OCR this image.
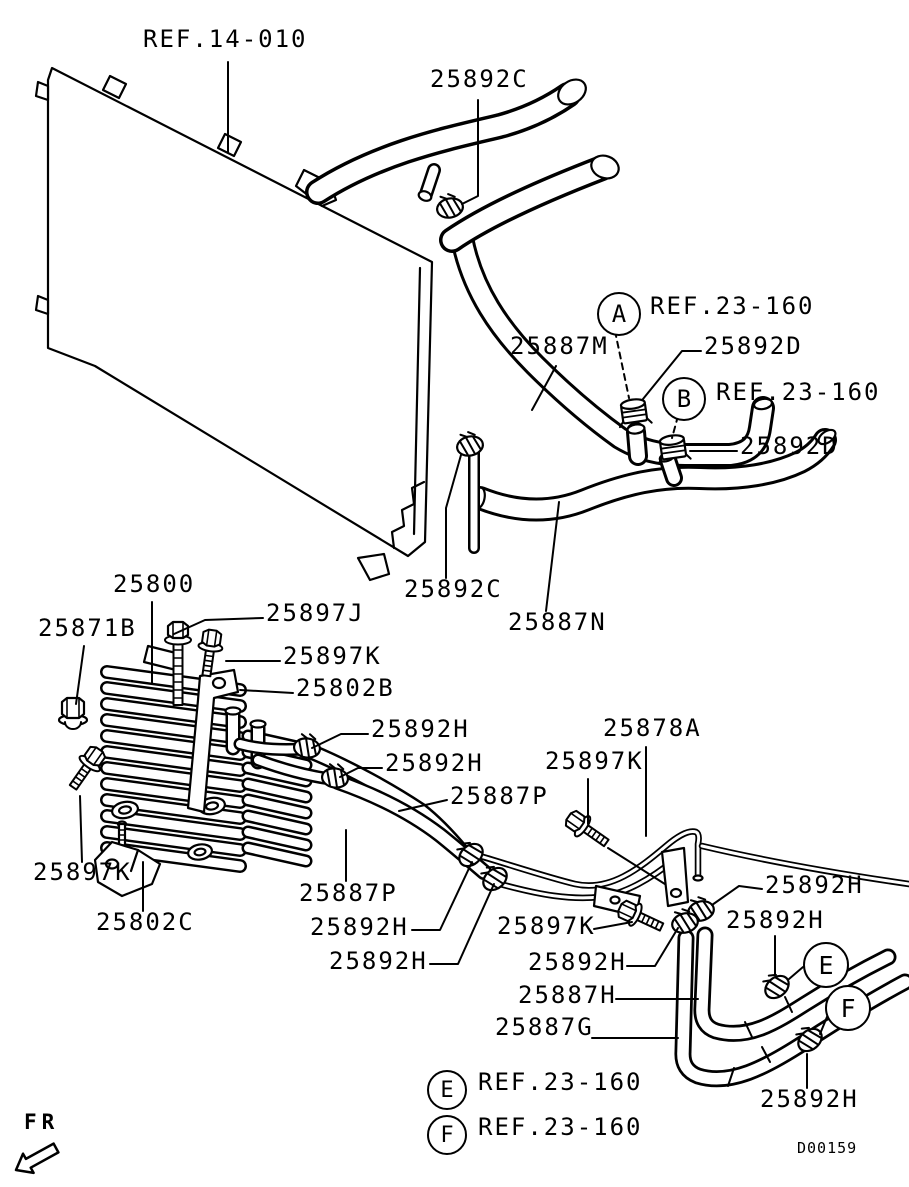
REF.14-010
25892C
REF.23-160
25887M	25892D
REF.23-160
25892D
25892C
25887N
25800
25871B
25897J
25897K
25802B
25892H
25892H
25887P
25878A
25897K
25897K
25802C
25887P
25892H
25892H
25897K
25892H
25892H
25892H
25887H
25887G
25892H
REF.23-160
REF.23-160
FR
D00159
A
B
E
F
E
F
